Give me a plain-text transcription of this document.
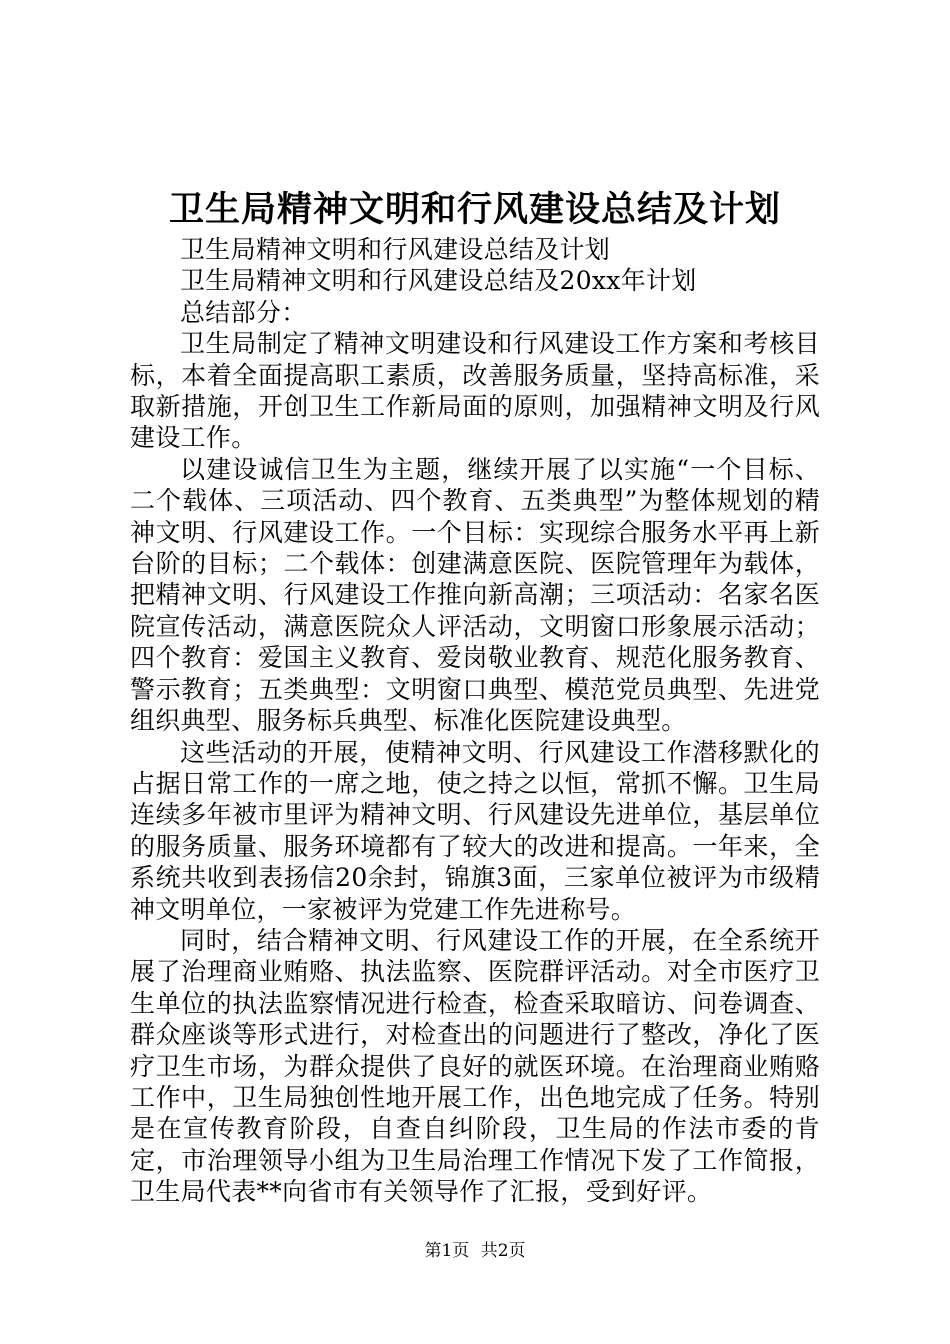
卫生局精神文明和行风建设总结及计划

卫生局精神文明和行风建设总结及计划

卫生局精神文明和行风建设总结及20xx年计划

总结部分：

卫生局制定了精神文明建设和行风建设工作方案和考核目标，本着全面提高职工素质，改善服务质量，坚持高标准，采取新措施，开创卫生工作新局面的原则，加强精神文明及行风建设工作。

以建设诚信卫生为主题，继续开展了以实施“一个目标、二个载体、三项活动、四个教育、五类典型”为整体规划的精神文明、行风建设工作。一个目标：实现综合服务水平再上新台阶的目标；二个载体：创建满意医院、医院管理年为载体，把精神文明、行风建设工作推向新高潮；三项活动：名家名医院宣传活动，满意医院众人评活动，文明窗口形象展示活动；四个教育：爱国主义教育、爱岗敬业教育、规范化服务教育、警示教育；五类典型：文明窗口典型、模范党员典型、先进党组织典型、服务标兵典型、标准化医院建设典型。

这些活动的开展，使精神文明、行风建设工作潜移默化的占据日常工作的一席之地，使之持之以恒，常抓不懈。卫生局连续多年被市里评为精神文明、行风建设先进单位，基层单位的服务质量、服务环境都有了较大的改进和提高。一年来，全系统共收到表扬信20余封，锦旗3面，三家单位被评为市级精神文明单位，一家被评为党建工作先进称号。

同时，结合精神文明、行风建设工作的开展，在全系统开展了治理商业贿赂、执法监察、医院群评活动。对全市医疗卫生单位的执法监察情况进行检查，检查采取暗访、问卷调查、群众座谈等形式进行，对检查出的问题进行了整改，净化了医疗卫生市场，为群众提供了良好的就医环境。在治理商业贿赂工作中，卫生局独创性地开展工作，出色地完成了任务。特别是在宣传教育阶段，自查自纠阶段，卫生局的作法市委的肯定，市治理领导小组为卫生局治理工作情况下发了工作简报，卫生局代表**向省市有关领导作了汇报，受到好评。

第1页 共2页
